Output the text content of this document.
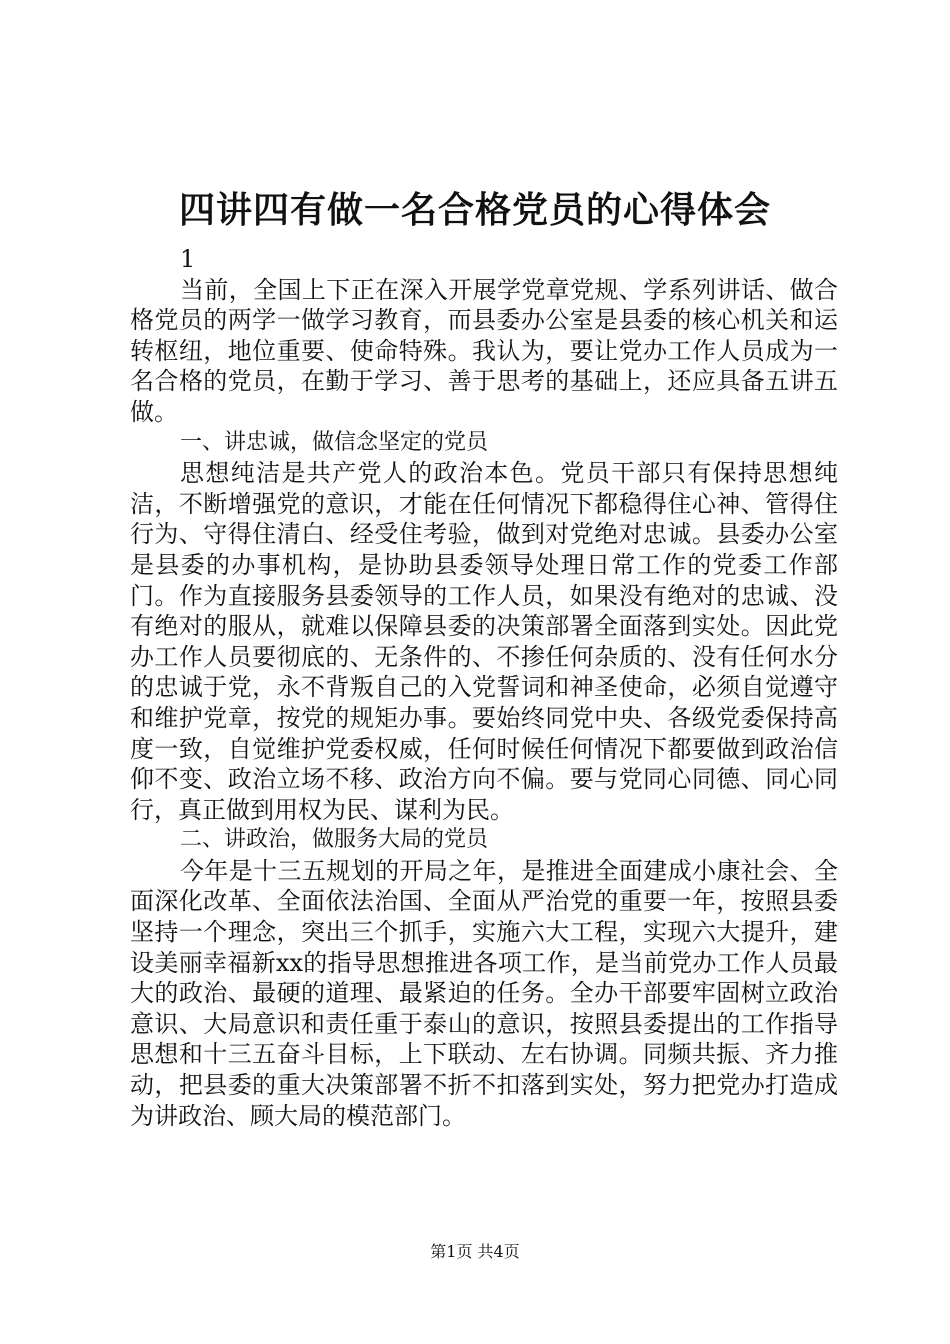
四讲四有做一名合格党员的心得体会

1

当前，全国上下正在深入开展学党章党规、学系列讲话、做合格党员的两学一做学习教育，而县委办公室是县委的核心机关和运转枢纽，地位重要、使命特殊。我认为，要让党办工作人员成为一名合格的党员，在勤于学习、善于思考的基础上，还应具备五讲五做。

一、讲忠诚，做信念坚定的党员

思想纯洁是共产党人的政治本色。党员干部只有保持思想纯洁，不断增强党的意识，才能在任何情况下都稳得住心神、管得住行为、守得住清白、经受住考验，做到对党绝对忠诚。县委办公室是县委的办事机构，是协助县委领导处理日常工作的党委工作部门。作为直接服务县委领导的工作人员，如果没有绝对的忠诚、没有绝对的服从，就难以保障县委的决策部署全面落到实处。因此党办工作人员要彻底的、无条件的、不掺任何杂质的、没有任何水分的忠诚于党，永不背叛自己的入党誓词和神圣使命，必须自觉遵守和维护党章，按党的规矩办事。要始终同党中央、各级党委保持高度一致，自觉维护党委权威，任何时候任何情况下都要做到政治信仰不变、政治立场不移、政治方向不偏。要与党同心同德、同心同行，真正做到用权为民、谋利为民。

二、讲政治，做服务大局的党员

今年是十三五规划的开局之年，是推进全面建成小康社会、全面深化改革、全面依法治国、全面从严治党的重要一年，按照县委坚持一个理念，突出三个抓手，实施六大工程，实现六大提升，建设美丽幸福新xx的指导思想推进各项工作，是当前党办工作人员最大的政治、最硬的道理、最紧迫的任务。全办干部要牢固树立政治意识、大局意识和责任重于泰山的意识，按照县委提出的工作指导思想和十三五奋斗目标，上下联动、左右协调。同频共振、齐力推动，把县委的重大决策部署不折不扣落到实处，努力把党办打造成为讲政治、顾大局的模范部门。

第1页 共4页
